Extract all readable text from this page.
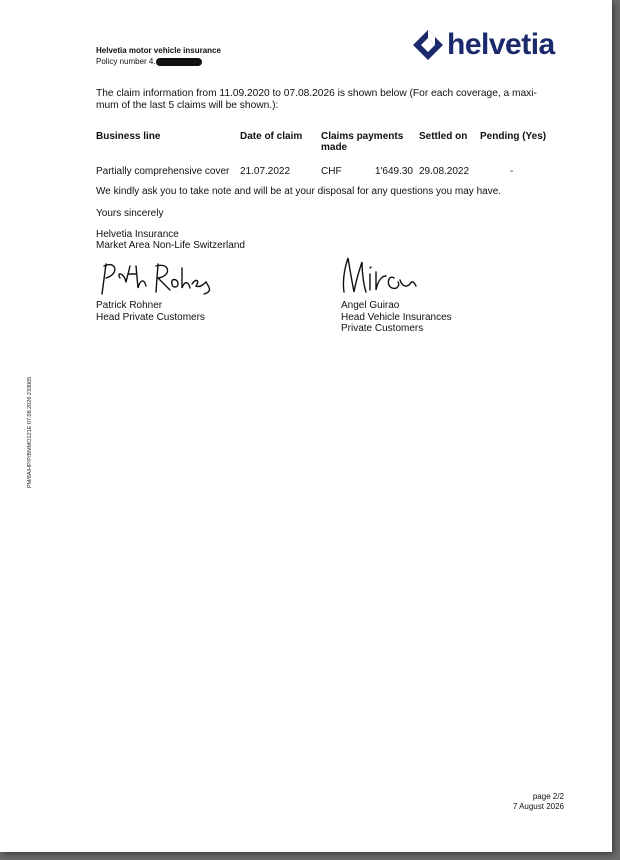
Helvetia motor vehicle insurance
Policy number 4.
helvetia
The claim information from 11.09.2020 to 07.08.2026 is shown below (For each coverage, a maxi-mum of the last 5 claims will be shown.):
Business line	Date of claim	Claims payments made	Settled on	Pending (Yes)
Partially comprehensive cover	21.07.2022	CHF 1'649.30	29.08.2022	-
We kindly ask you to take note and will be at your disposal for any questions you may have.
Yours sincerely
Helvetia Insurance
Market Area Non-Life Switzerland
Patrick Rohner
Head Private Customers
Angel Guirao
Head Vehicle Insurances
Private Customers
PM/8A/HP/P/BMMO121E 07.08.2026 233005
page 2/2
7 August 2026
